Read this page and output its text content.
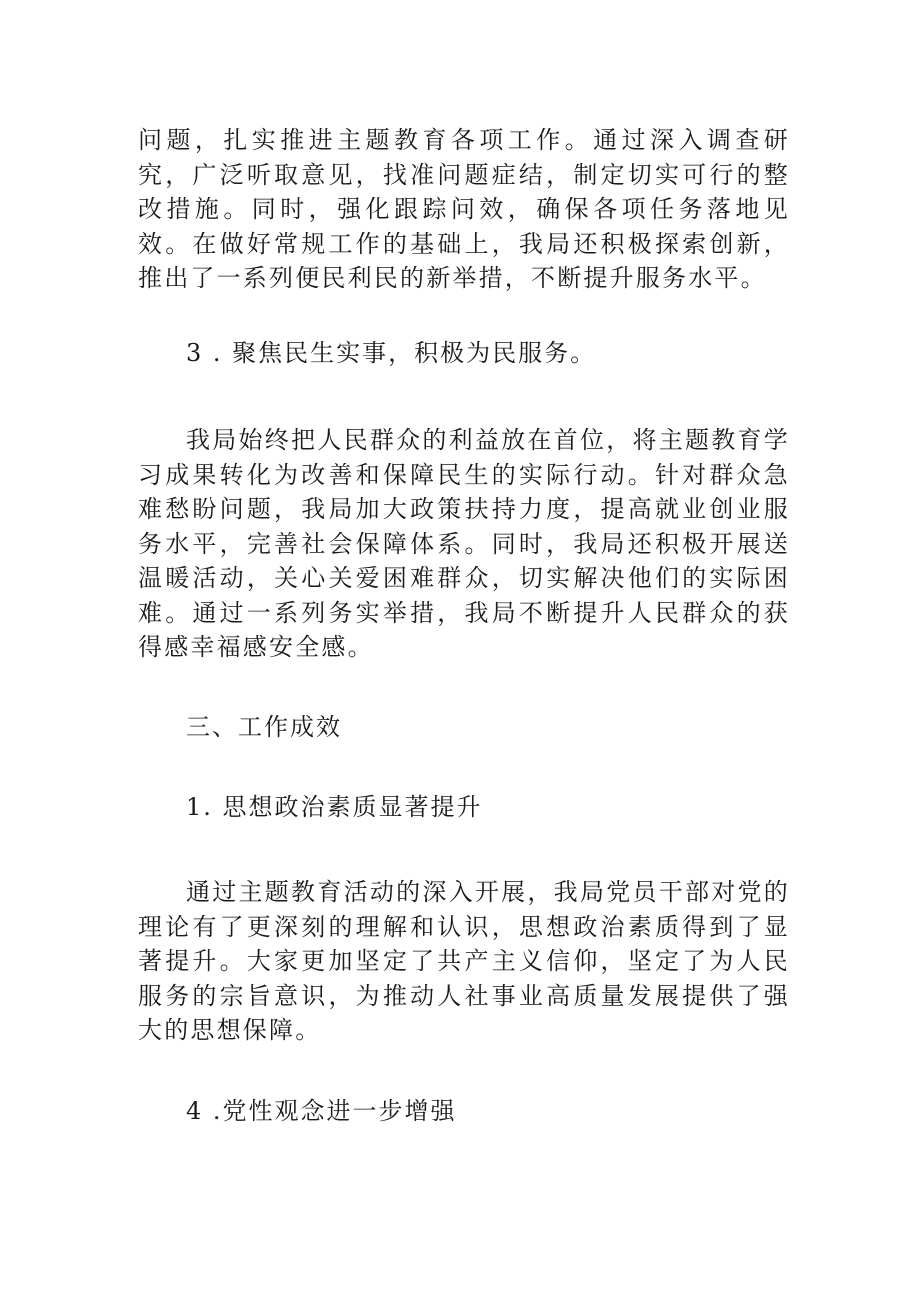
问题，扎实推进主题教育各项工作。通过深入调查研究，广泛听取意见，找准问题症结，制定切实可行的整改措施。同时，强化跟踪问效，确保各项任务落地见效。在做好常规工作的基础上，我局还积极探索创新，推出了一系列便民利民的新举措，不断提升服务水平。

3 . 聚焦民生实事，积极为民服务。

我局始终把人民群众的利益放在首位，将主题教育学习成果转化为改善和保障民生的实际行动。针对群众急难愁盼问题，我局加大政策扶持力度，提高就业创业服务水平，完善社会保障体系。同时，我局还积极开展送温暖活动，关心关爱困难群众，切实解决他们的实际困难。通过一系列务实举措，我局不断提升人民群众的获得感幸福感安全感。

三、工作成效

1. 思想政治素质显著提升

通过主题教育活动的深入开展，我局党员干部对党的理论有了更深刻的理解和认识，思想政治素质得到了显著提升。大家更加坚定了共产主义信仰，坚定了为人民服务的宗旨意识，为推动人社事业高质量发展提供了强大的思想保障。

4 .党性观念进一步增强
